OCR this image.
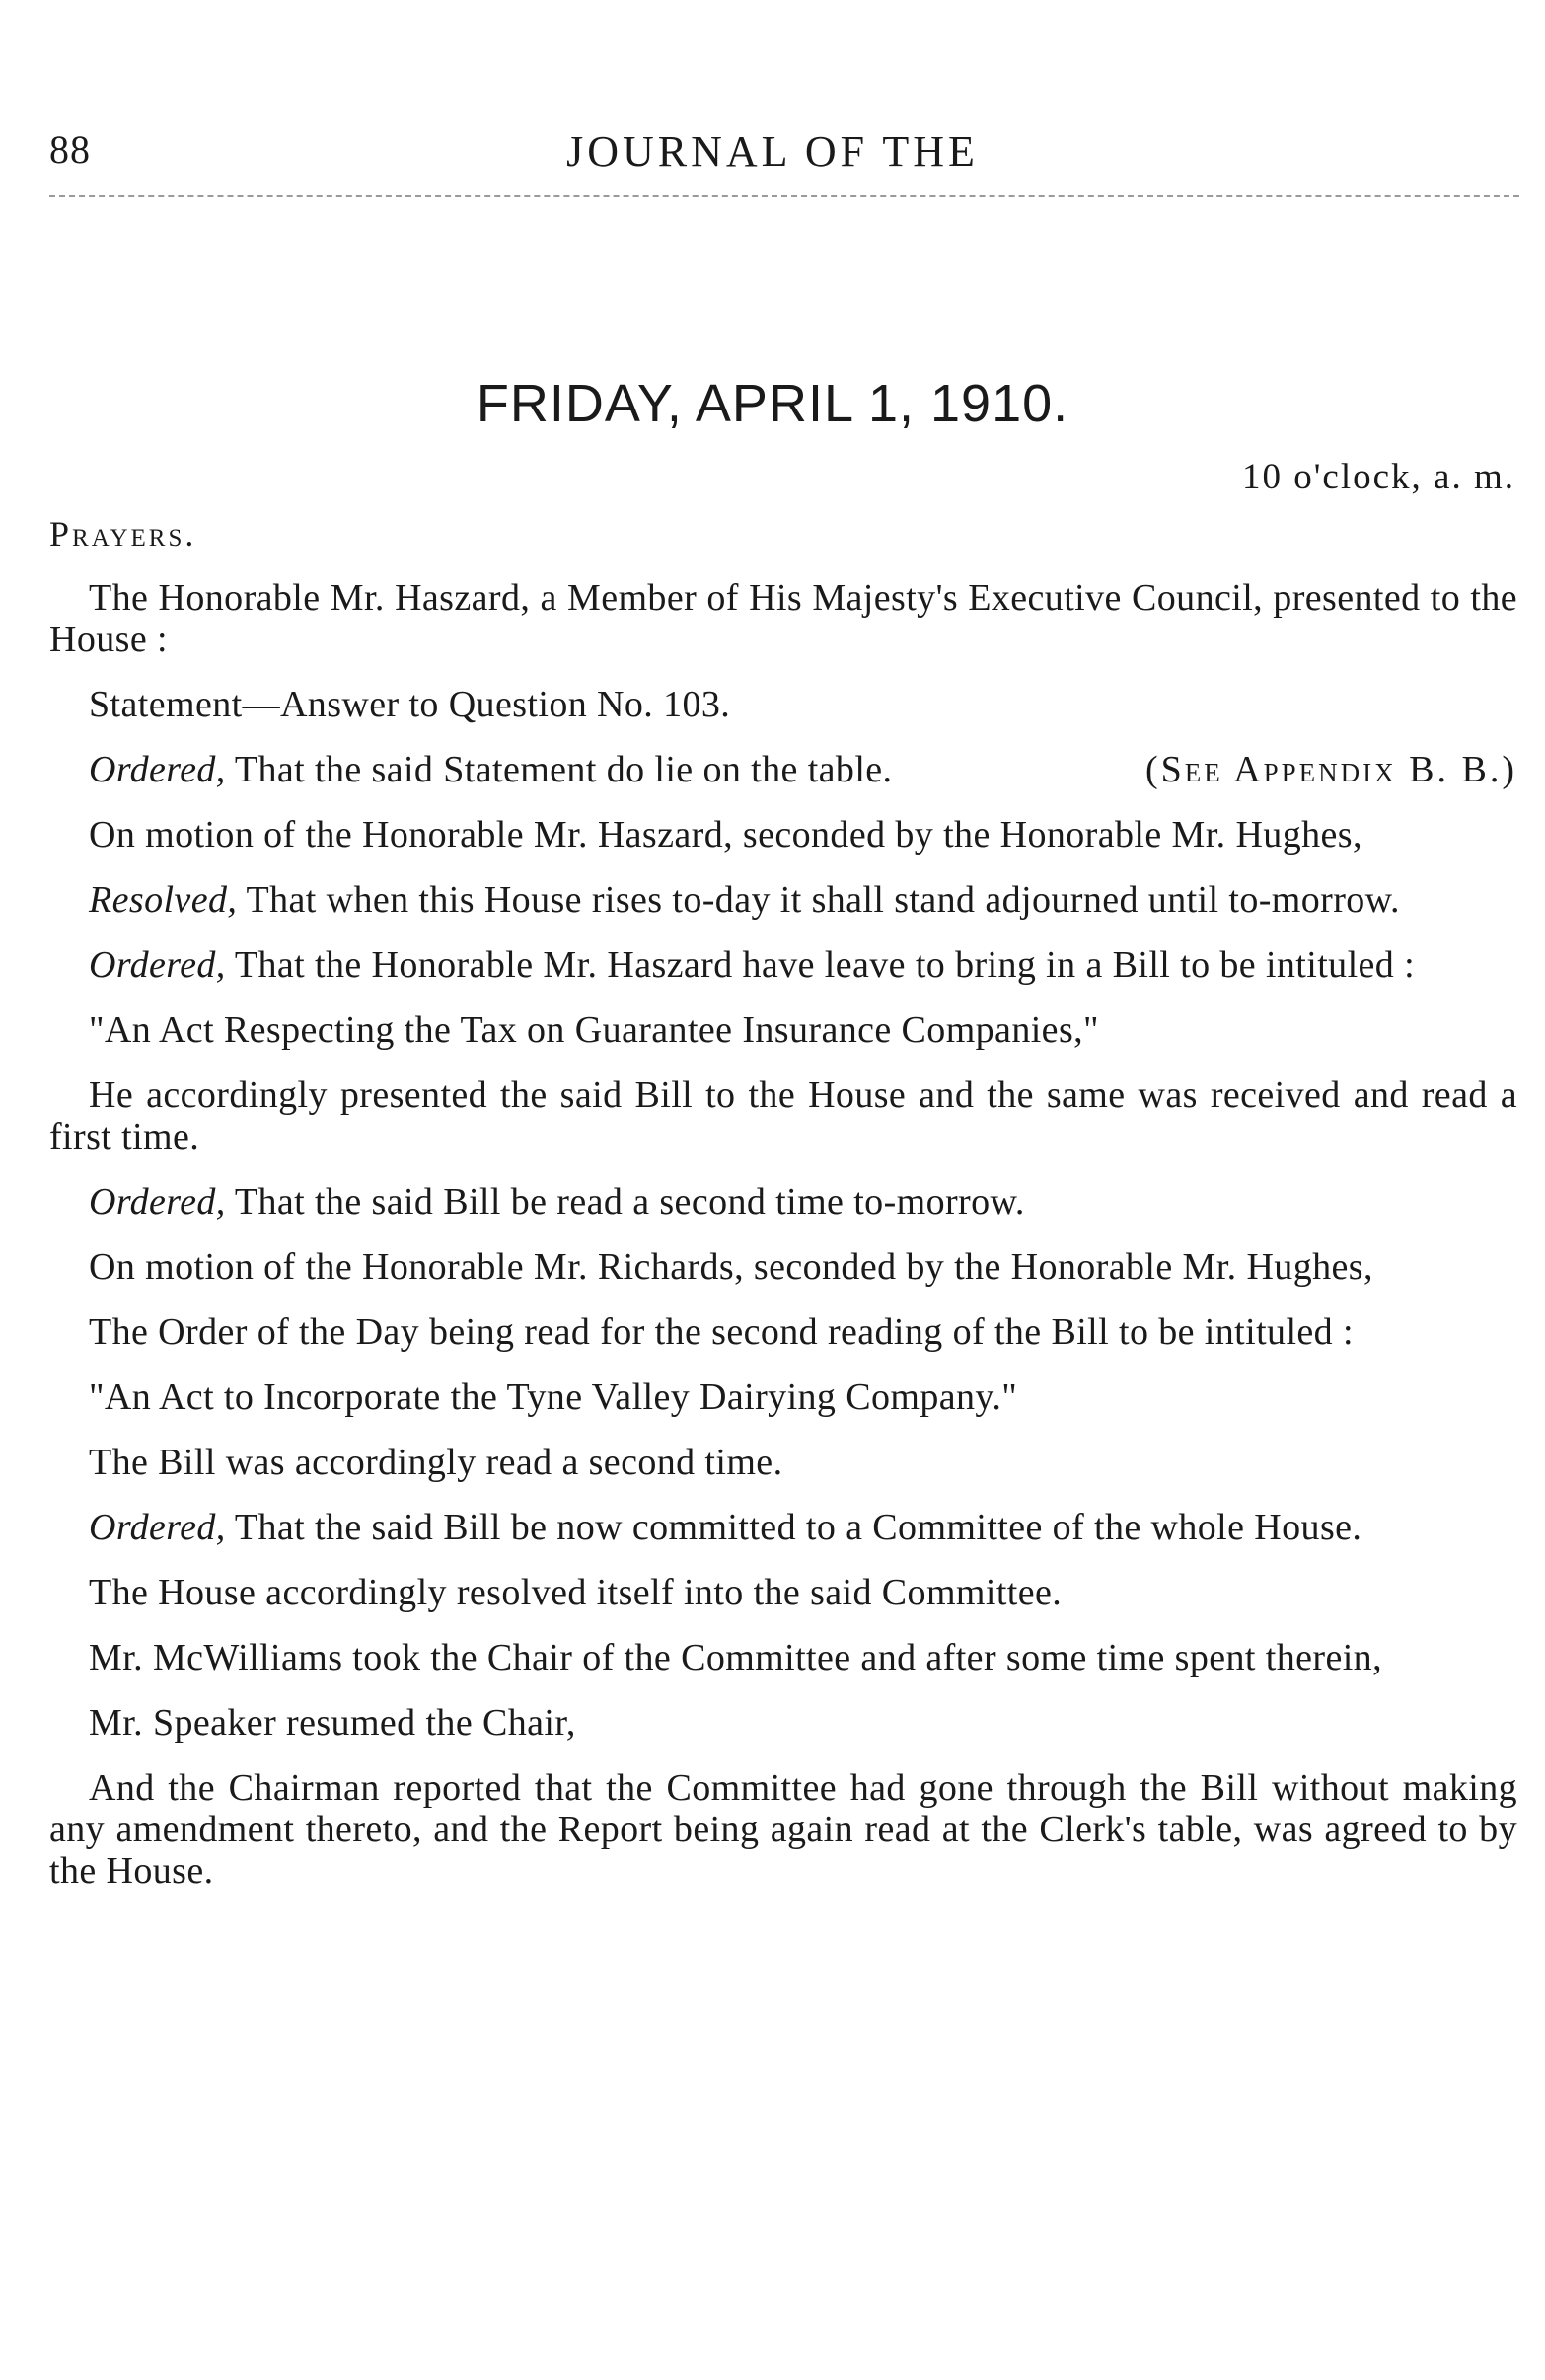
JOURNAL OF THE
88
FRIDAY, APRIL 1, 1910.
10 o'clock, a. m.
Prayers.

The Honorable Mr. Haszard, a Member of His Majesty's Executive Council, presented to the House :

Statement—Answer to Question No. 103.

Ordered, That the said Statement do lie on the table.	(See Appendix B. B.)

On motion of the Honorable Mr. Haszard, seconded by the Honorable Mr. Hughes,

Resolved, That when this House rises to-day it shall stand adjourned until to-morrow.

Ordered, That the Honorable Mr. Haszard have leave to bring in a Bill to be intituled :

"An Act Respecting the Tax on Guarantee Insurance Companies,"

He accordingly presented the said Bill to the House and the same was received and read a first time.

Ordered, That the said Bill be read a second time to-morrow.

On motion of the Honorable Mr. Richards, seconded by the Honorable Mr. Hughes,

The Order of the Day being read for the second reading of the Bill to be intituled :

"An Act to Incorporate the Tyne Valley Dairying Company."

The Bill was accordingly read a second time.

Ordered, That the said Bill be now committed to a Committee of the whole House.

The House accordingly resolved itself into the said Committee.

Mr. McWilliams took the Chair of the Committee and after some time spent therein,

Mr. Speaker resumed the Chair,

And the Chairman reported that the Committee had gone through the Bill without making any amendment thereto, and the Report being again read at the Clerk's table, was agreed to by the House.
